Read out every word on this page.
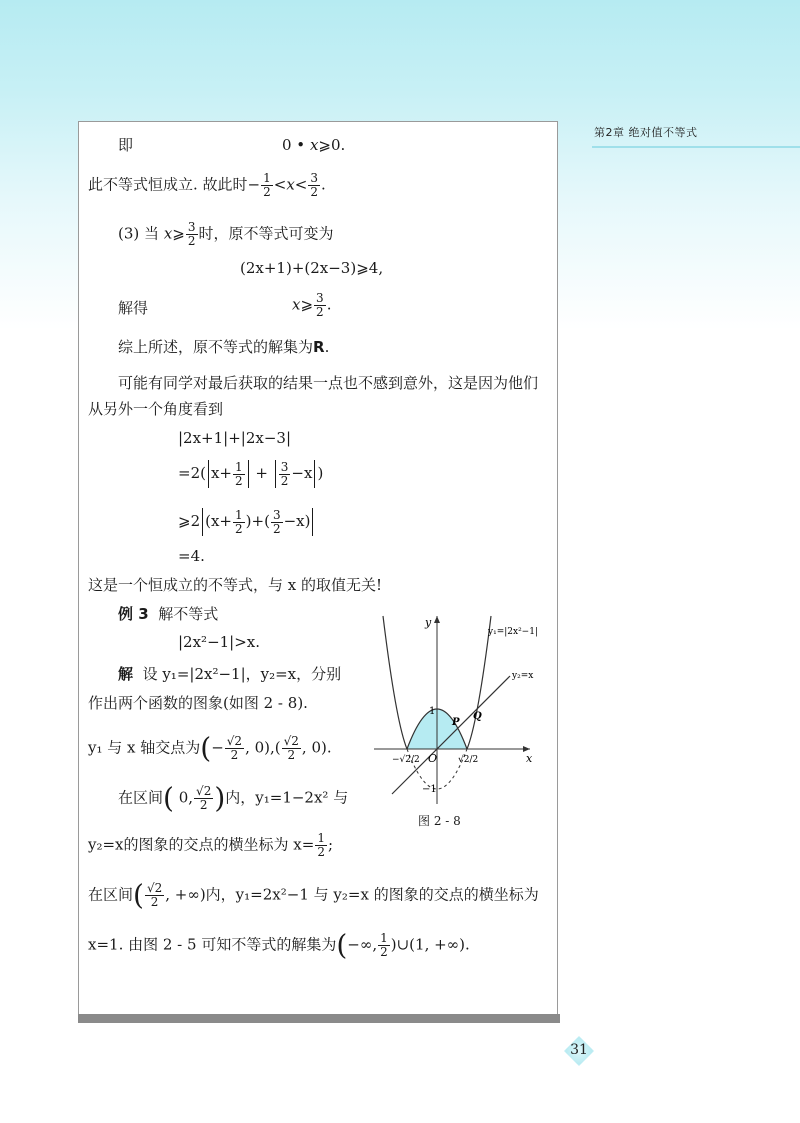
第2章 绝对值不等式
即	0 • x⩾0.
此不等式恒成立. 故此时− $\frac{1}{2} <x< \frac{3}{2}$ .
(3) 当 x⩾ $\frac{3}{2}$ 时，原不等式可变为
(2x+1)+(2x−3)⩾4,
解得	x⩾ $\frac{3}{2}$ .
综上所述，原不等式的解集为R.
可能有同学对最后获取的结果一点也不感到意外，这是因为他们
从另外一个角度看到
|2x+1|+|2x−3|
=2( $x+ \frac{1}{2} + \frac{3}{2} -x$ )
⩾2 ($x+ \frac{1}{2}$ )+( $\frac{3}{2} -x$)
=4.
这是一个恒成立的不等式，与 x 的取值无关!
例 3 解不等式
|2x²−1|>x.
解 设 y₁=|2x²−1|，y₂=x，分别
作出两个函数的图象(如图 2 - 8).
y₁ 与 x 轴交点为(− $\frac{√2}{2}$ , $0),( \frac{√2}{2}$ , 0).
在区间( 0, $\frac{√2}{2}$ )内，y₁=1−2x² 与
y₂=x的图象的交点的横坐标为 $x= \frac{1}{2}$ ;
在区间( $\frac{√2}{2}$ , +∞)内，y₁=2x²−1 与 y₂=x 的图象的交点的横坐标为
x=1. 由图 2 - 5 可知不等式的解集为(−∞, $\frac{1}{2}$ )∪(1, +∞).
y
x
O
y₁=|2x²−1|
y₂=x
P
Q
1
−1
−√2/2	√2/2
图 2 - 8
31
